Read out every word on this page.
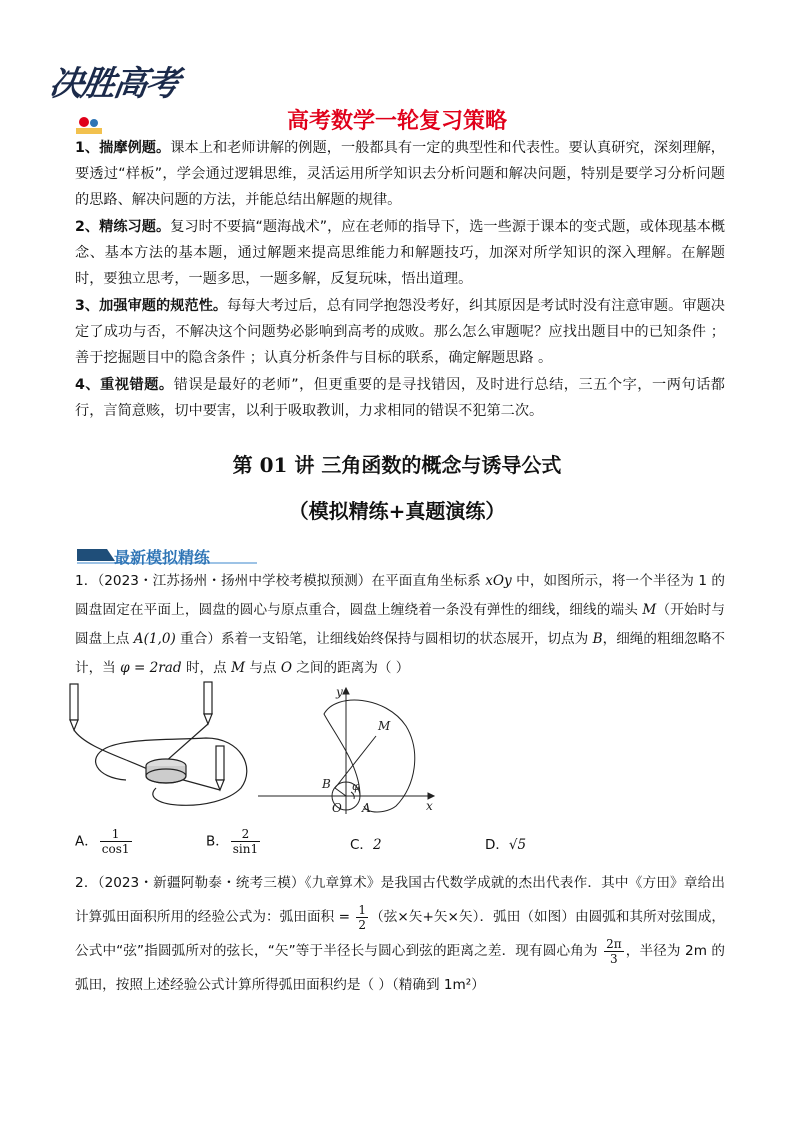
决胜高考
高考数学一轮复习策略
1、揣摩例题。课本上和老师讲解的例题，一般都具有一定的典型性和代表性。要认真研究，深刻理解，要透过“样板”，学会通过逻辑思维，灵活运用所学知识去分析问题和解决问题，特别是要学习分析问题的思路、解决问题的方法，并能总结出解题的规律。
2、精练习题。复习时不要搞“题海战术”，应在老师的指导下，选一些源于课本的变式题，或体现基本概念、基本方法的基本题，通过解题来提高思维能力和解题技巧，加深对所学知识的深入理解。在解题时，要独立思考，一题多思，一题多解，反复玩味，悟出道理。
3、加强审题的规范性。每每大考过后，总有同学抱怨没考好，纠其原因是考试时没有注意审题。审题决定了成功与否，不解决这个问题势必影响到高考的成败。那么怎么审题呢？应找出题目中的已知条件 ；善于挖掘题目中的隐含条件 ；认真分析条件与目标的联系，确定解题思路 。
4、重视错题。错误是最好的老师”，但更重要的是寻找错因，及时进行总结，三五个字，一两句话都行，言简意赅，切中要害，以利于吸取教训，力求相同的错误不犯第二次。
第 01 讲 三角函数的概念与诱导公式
（模拟精练+真题演练）
最新模拟精练
1．（2023・江苏扬州・扬州中学校考模拟预测）在平面直角坐标系 xOy 中，如图所示，将一个半径为 1 的圆盘固定在平面上，圆盘的圆心与原点重合，圆盘上缠绕着一条没有弹性的细线，细线的端头 M（开始时与圆盘上点 A(1,0) 重合）系着一支铅笔，让细线始终保持与圆相切的状态展开，切点为 B，细绳的粗细忽略不计，当 φ = 2rad 时，点 M 与点 O 之间的距离为（ ）
y
M
B φ
O A	x
A． $\frac{1}{\cos 1}$	B． $\frac{2}{\sin 1}$	C．2	D．√5
2．（2023・新疆阿勒泰・统考三模）《九章算术》是我国古代数学成就的杰出代表作．其中《方田》章给出计算弧田面积所用的经验公式为：弧田面积 = $\frac{1}{2}$ （弦×矢+矢×矢）．弧田（如图）由圆弧和其所对弦围成，公式中“弦”指圆弧所对的弦长，“矢”等于半径长与圆心到弦的距离之差．现有圆心角为 $\frac{2\pi}{3}$ ，半径为 2m 的弧田，按照上述经验公式计算所得弧田面积约是（ ）（精确到 1m²）
